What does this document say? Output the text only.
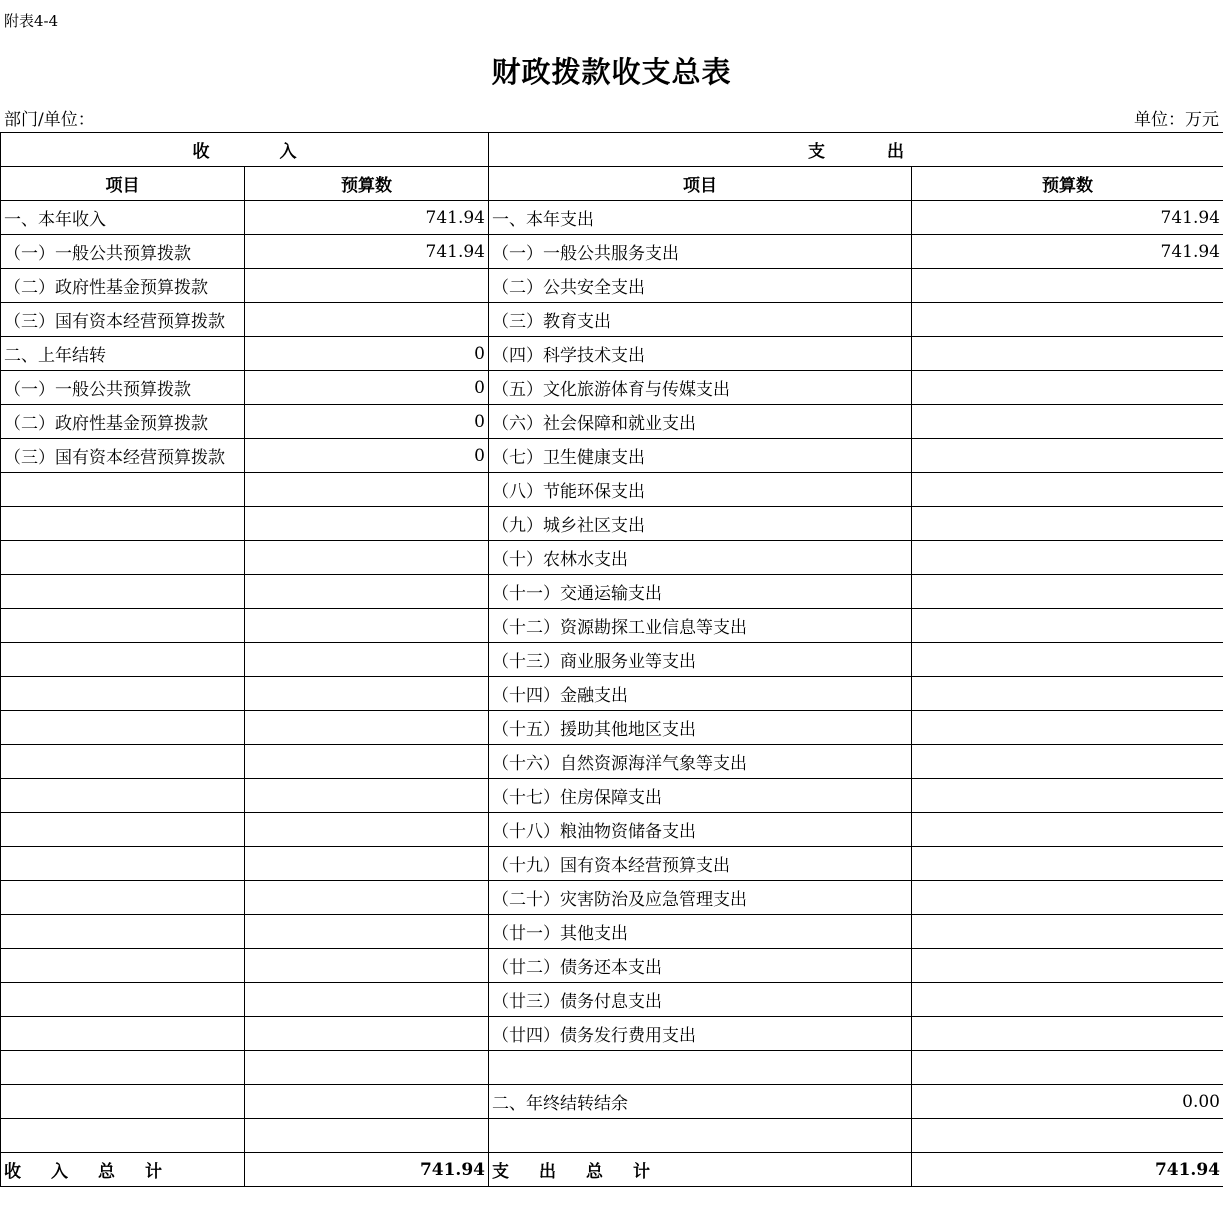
附表4-4
财政拨款收支总表
部门/单位：	单位：万元
收 入		支 出	
项目	预算数	项目	预算数
一、本年收入	741.94	一、本年支出	741.94
（一）一般公共预算拨款	741.94	（一）一般公共服务支出	741.94
（二）政府性基金预算拨款		（二）公共安全支出	
（三）国有资本经营预算拨款		（三）教育支出	
二、上年结转	0	（四）科学技术支出	
（一）一般公共预算拨款	0	（五）文化旅游体育与传媒支出	
（二）政府性基金预算拨款	0	（六）社会保障和就业支出	
（三）国有资本经营预算拨款	0	（七）卫生健康支出	
		（八）节能环保支出	
		（九）城乡社区支出	
		（十）农林水支出	
		（十一）交通运输支出	
		（十二）资源勘探工业信息等支出	
		（十三）商业服务业等支出	
		（十四）金融支出	
		（十五）援助其他地区支出	
		（十六）自然资源海洋气象等支出	
		（十七）住房保障支出	
		（十八）粮油物资储备支出	
		（十九）国有资本经营预算支出	
		（二十）灾害防治及应急管理支出	
		（廿一）其他支出	
		（廿二）债务还本支出	
		（廿三）债务付息支出	
		（廿四）债务发行费用支出	

		二、年终结转结余	0.00

收 入 总 计	741.94	支 出 总 计	741.94
